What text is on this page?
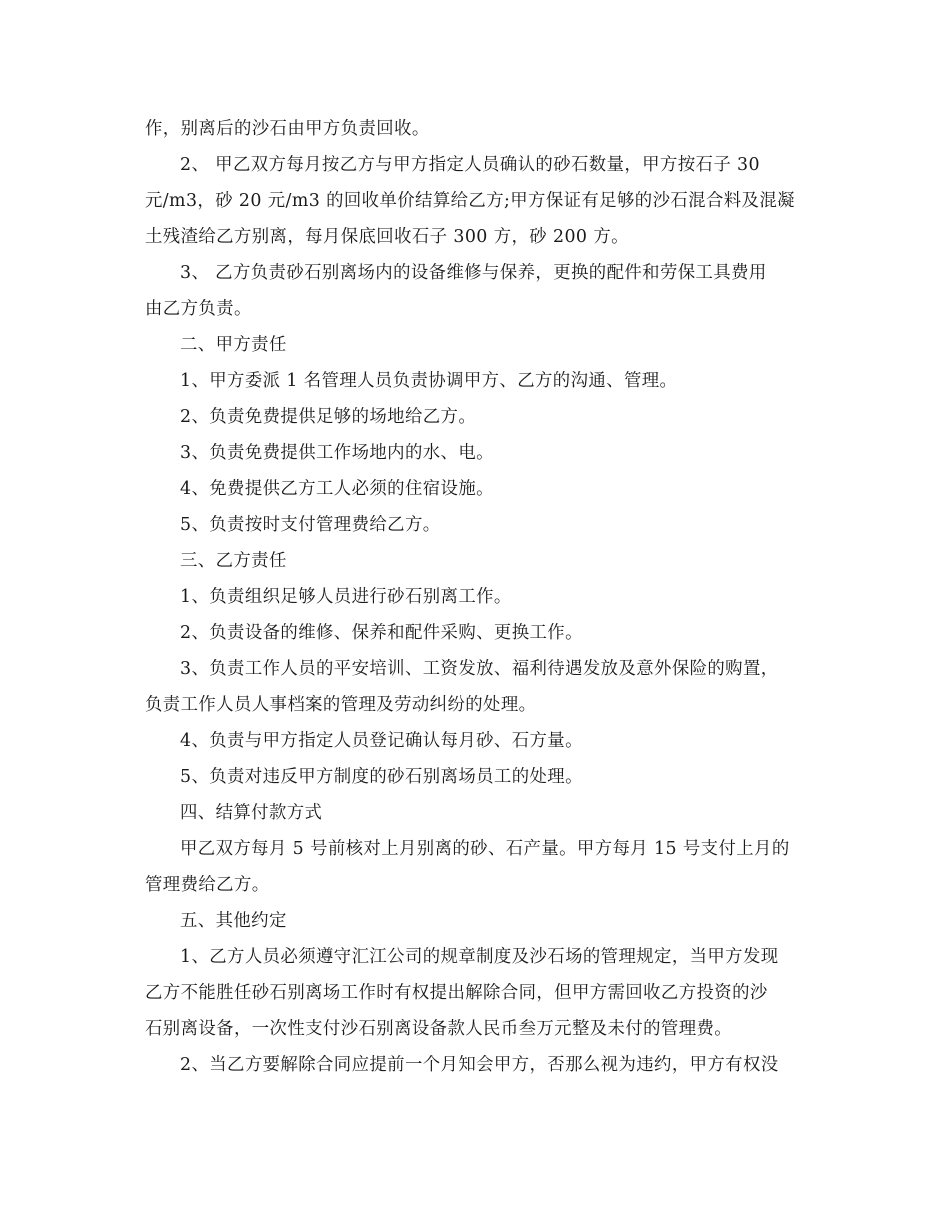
作，别离后的沙石由甲方负责回收。
2、 甲乙双方每月按乙方与甲方指定人员确认的砂石数量，甲方按石子 30
元/m3，砂 20 元/m3 的回收单价结算给乙方;甲方保证有足够的沙石混合料及混凝
土残渣给乙方别离，每月保底回收石子 300 方，砂 200 方。
3、 乙方负责砂石别离场内的设备维修与保养，更换的配件和劳保工具费用
由乙方负责。
二、甲方责任
1、甲方委派 1 名管理人员负责协调甲方、乙方的沟通、管理。
2、负责免费提供足够的场地给乙方。
3、负责免费提供工作场地内的水、电。
4、免费提供乙方工人必须的住宿设施。
5、负责按时支付管理费给乙方。
三、乙方责任
1、负责组织足够人员进行砂石别离工作。
2、负责设备的维修、保养和配件采购、更换工作。
3、负责工作人员的平安培训、工资发放、福利待遇发放及意外保险的购置，
负责工作人员人事档案的管理及劳动纠纷的处理。
4、负责与甲方指定人员登记确认每月砂、石方量。
5、负责对违反甲方制度的砂石别离场员工的处理。
四、结算付款方式
甲乙双方每月 5 号前核对上月别离的砂、石产量。甲方每月 15 号支付上月的
管理费给乙方。
五、其他约定
1、乙方人员必须遵守汇江公司的规章制度及沙石场的管理规定，当甲方发现
乙方不能胜任砂石别离场工作时有权提出解除合同，但甲方需回收乙方投资的沙
石别离设备，一次性支付沙石别离设备款人民币叁万元整及未付的管理费。
2、当乙方要解除合同应提前一个月知会甲方，否那么视为违约，甲方有权没
